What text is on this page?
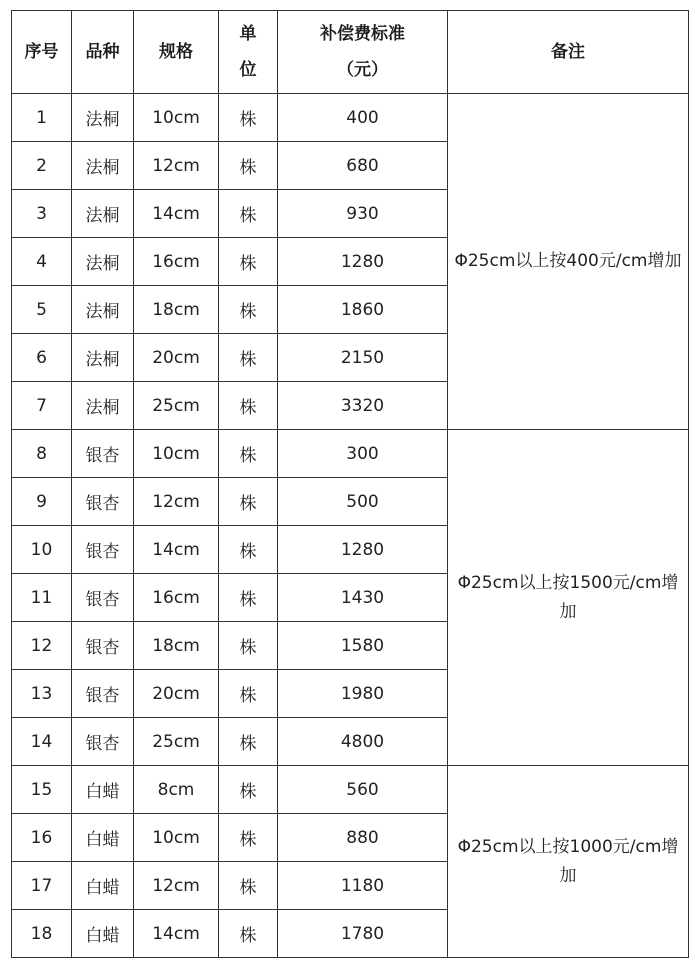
序号	品种	规格	单位	补偿费标准（元）	备注
1	法桐	10cm	株	400	Φ25cm以上按400元/cm增加
2	法桐	12cm	株	680	
3	法桐	14cm	株	930	
4	法桐	16cm	株	1280	
5	法桐	18cm	株	1860	
6	法桐	20cm	株	2150	
7	法桐	25cm	株	3320	
8	银杏	10cm	株	300	Φ25cm以上按1500元/cm增加
9	银杏	12cm	株	500	
10	银杏	14cm	株	1280	
11	银杏	16cm	株	1430	
12	银杏	18cm	株	1580	
13	银杏	20cm	株	1980	
14	银杏	25cm	株	4800	
15	白蜡	8cm	株	560	Φ25cm以上按1000元/cm增加
16	白蜡	10cm	株	880	
17	白蜡	12cm	株	1180	
18	白蜡	14cm	株	1780	
